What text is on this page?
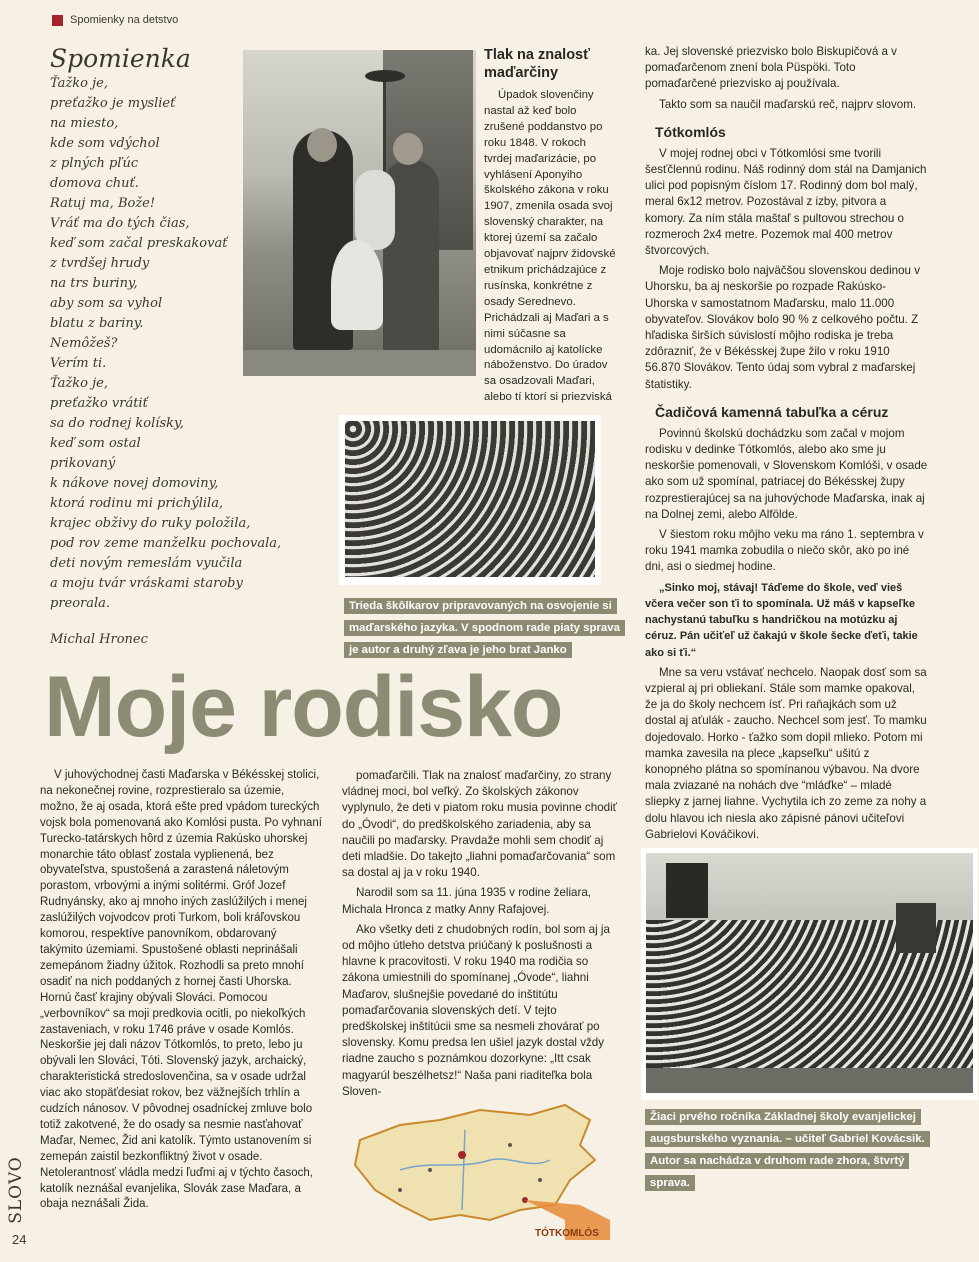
Spomienky na detstvo
Spomienka
Ťažko je,
preťažko je myslieť
na miesto,
kde som vdýchol
z plných pľúc
domova chuť.
Ratuj ma, Bože!
Vráť ma do tých čias,
keď som začal preskakovať
z tvrdšej hrudy
na trs buriny,
aby som sa vyhol
blatu z bariny.
Nemôžeš?
Verím ti.
Ťažko je,
preťažko vrátiť
sa do rodnej kolísky,
keď som ostal
prikovaný
k nákove novej domoviny,
ktorá rodinu mi prichýlila,
krajec obživy do ruky položila,
pod rov zeme manželku pochovala,
deti novým remeslám vyučila
a moju tvár vráskami staroby preorala.
Michal Hronec
Tlak na znalosť maďarčiny

Úpadok slovenčiny nastal až keď bolo zrušené poddanstvo po roku 1848. V rokoch tvrdej maďarizácie, po vyhlásení Aponyiho školského zákona v roku 1907, zmenila osada svoj slovenský charakter, na ktorej území sa začalo objavovať najprv židovské etnikum prichádzajúce z rusínska, konkrétne z osady Serednevo. Prichádzali aj Maďari a s nimi súčasne sa udomácnilo aj katolícke náboženstvo. Do úradov sa osadzovali Maďari, alebo tí ktorí si priezviská

ka. Jej slovenské priezvisko bolo Biskupičová a v pomaďarčenom znení bola Püspöki. Toto pomaďarčené priezvisko aj používala.

Takto som sa naučil maďarskú reč, najprv slovom.

Tótkomlós

V mojej rodnej obci v Tótkomlósi sme tvorili šesťčlennú rodinu. Náš rodinný dom stál na Damjanich ulici pod popisným číslom 17. Rodinný dom bol malý, meral 6x12 metrov. Pozostával z izby, pitvora a komory. Za ním stála maštaľ s pultovou strechou o rozmeroch 2x4 metre. Pozemok mal 400 metrov štvorcových.

Moje rodisko bolo najväčšou slovenskou dedinou v Uhorsku, ba aj neskoršie po rozpade Rakúsko-Uhorska v samostatnom Maďarsku, malo 11.000 obyvateľov. Slovákov bolo 90 % z celkového počtu. Z hľadiska širších súvislostí môjho rodiska je treba zdôrazniť, že v Békésskej župe žilo v roku 1910 56.870 Slovákov. Tento údaj som vybral z maďarskej štatistiky.

Čadičová kamenná tabuľka a céruz

Povinnú školskú dochádzku som začal v mojom rodisku v dedinke Tótkomlós, alebo ako sme ju neskoršie pomenovali, v Slovenskom Komlóši, v osade ako som už spomínal, patriacej do Békésskej župy rozprestierajúcej sa na juhovýchode Maďarska, inak aj na Dolnej zemi, alebo Alfölde.

V šiestom roku môjho veku ma ráno 1. septembra v roku 1941 mamka zobudila o niečo skôr, ako po iné dni, asi o siedmej hodine.

„Sinko moj, stávaj! Táďeme do škole, veď vieš včera večer son ťi to spomínala. Už máš v kapseľke nachystanú tabuľku s handričkou na motúzku aj céruz. Pán učiťeľ už čakajú v škole šecke ďeťi, takie ako si ťi.“

Mne sa veru vstávať nechcelo. Naopak dosť som sa vzpieral aj pri obliekaní. Stále som mamke opakoval, že ja do školy nechcem ísť. Pri raňajkách som už dostal aj aťulák - zaucho. Nechcel som jesť. To mamku dojedovalo. Horko - ťažko som dopil mlieko. Potom mi mamka zavesila na plece „kapseľku“ ušitú z konopného plátna so spomínanou výbavou. Na dvore mala zviazané na nohách dve “mláďke“ – mladé sliepky z jarnej liahne. Vychytila ich zo zeme za nohy a dolu hlavou ich niesla ako zápisné pánovi učiteľovi Gabrielovi Kováčikovi.

Trieda škôlkarov pripravovaných na osvojenie si maďarského jazyka. V spodnom rade piaty sprava je autor a druhý zľava je jeho brat Janko
Moje rodisko

V juhovýchodnej časti Maďarska v Békésskej stolici, na nekonečnej rovine, rozprestieralo sa územie, možno, že aj osada, ktorá ešte pred vpádom tureckých vojsk bola pomenovaná ako Komlósi pusta. Po vyhnaní Turecko-tatárskych hôrd z územia Rakúsko uhorskej monarchie táto oblasť zostala vyplienená, bez obyvateľstva, spustošená a zarastená náletovým porastom, vrbovými a inými solitérmi. Gróf Jozef Rudnyánsky, ako aj mnoho iných zaslúžilých i menej zaslúžilých vojvodcov proti Turkom, boli kráľovskou komorou, respektíve panovníkom, obdarovaný takýmito územiami. Spustošené oblasti neprinášali zemepánom žiadny úžitok. Rozhodli sa preto mnohí osadiť na nich poddaných z hornej časti Uhorska. Hornú časť krajiny obývali Slováci. Pomocou „verbovníkov“ sa moji predkovia ocitli, po niekoľkých zastaveniach, v roku 1746 práve v osade Komlós. Neskoršie jej dali názov Tótkomlós, to preto, lebo ju obývali len Slováci, Tóti. Slovenský jazyk, archaický, charakteristická stredoslovenčina, sa v osade udržal viac ako stopäťdesiat rokov, bez väžnejších trhlín a cudzích nánosov. V pôvodnej osadníckej zmluve bolo totiž zakotvené, že do osady sa nesmie nasťahovať Maďar, Nemec, Žid ani katolík. Týmto ustanovením si zemepán zaistil bezkonfliktný život v osade. Netolerantnosť vládla medzi ľuďmi aj v týchto časoch, katolík neznášal evanjelika, Slovák zase Maďara, a obaja neznášali Žida.

pomaďarčili. Tlak na znalosť maďarčiny, zo strany vládnej moci, bol veľký. Zo školských zákonov vyplynulo, že deti v piatom roku musia povinne chodiť do „Óvodi“, do predškolského zariadenia, aby sa naučili po maďarsky. Pravdaže mohli sem chodiť aj deti mladšie. Do takejto „liahni pomaďarčovania“ som sa dostal aj ja v roku 1940.

Narodil som sa 11. júna 1935 v rodine želiara, Michala Hronca z matky Anny Rafajovej.

Ako všetky deti z chudobných rodín, bol som aj ja od môjho útleho detstva priúčaný k poslušnosti a hlavne k pracovitosti. V roku 1940 ma rodičia so zákona umiestnili do spomínanej „Óvode“, liahni Maďarov, slušnejšie povedané do inštitútu pomaďarčovania slovenských detí. V tejto predškolskej inštitúcii sme sa nesmeli zhovárať po slovensky. Komu predsa len ušiel jazyk dostal vždy riadne zaucho s poznámkou dozorkyne: „Itt csak magyarúl beszélhetsz!“ Naša pani riaditeľka bola Sloven-

TÓTKOMLÓS
Žiaci prvého ročníka Základnej školy evanjelickej augsburského vyznania. – učiteľ Gabriel Kovácsik. Autor sa nachádza v druhom rade zhora, štvrtý sprava.
SLOVO
24
